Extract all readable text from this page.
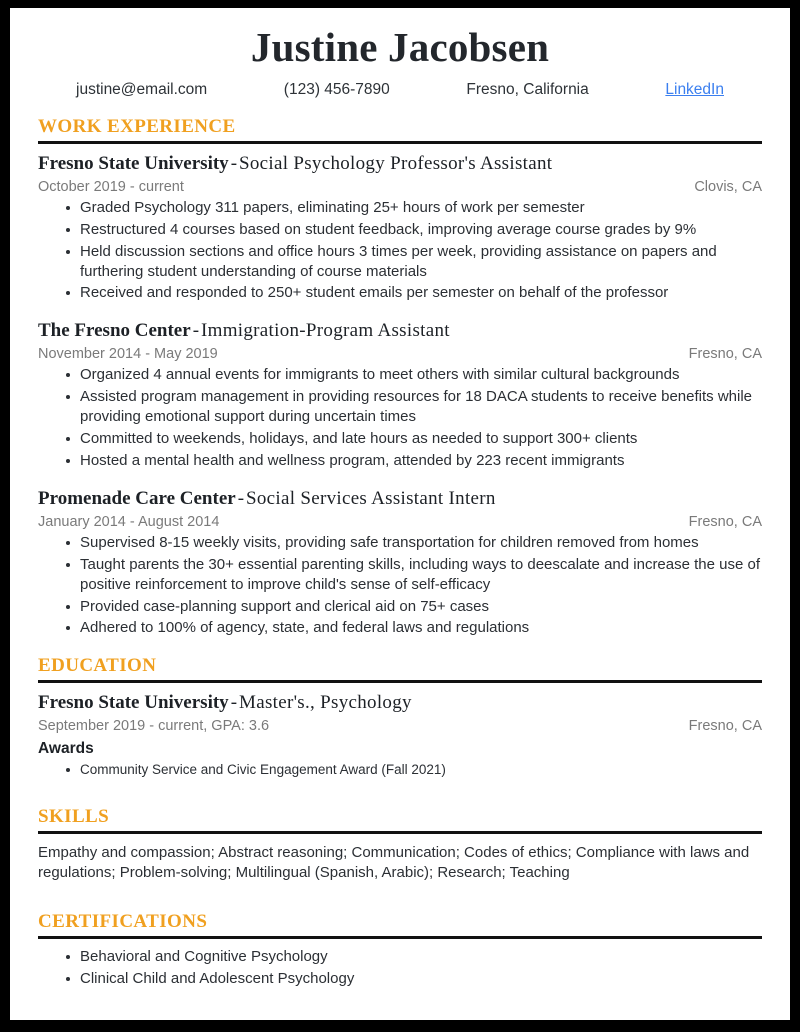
Justine Jacobsen
justine@email.com	(123) 456-7890	Fresno, California	LinkedIn
WORK EXPERIENCE
Fresno State University - Social Psychology Professor's Assistant
October 2019 - current	Clovis, CA
Graded Psychology 311 papers, eliminating 25+ hours of work per semester
Restructured 4 courses based on student feedback, improving average course grades by 9%
Held discussion sections and office hours 3 times per week, providing assistance on papers and furthering student understanding of course materials
Received and responded to 250+ student emails per semester on behalf of the professor
The Fresno Center - Immigration-Program Assistant
November 2014 - May 2019	Fresno, CA
Organized 4 annual events for immigrants to meet others with similar cultural backgrounds
Assisted program management in providing resources for 18 DACA students to receive benefits while providing emotional support during uncertain times
Committed to weekends, holidays, and late hours as needed to support 300+ clients
Hosted a mental health and wellness program, attended by 223 recent immigrants
Promenade Care Center - Social Services Assistant Intern
January 2014 - August 2014	Fresno, CA
Supervised 8-15 weekly visits, providing safe transportation for children removed from homes
Taught parents the 30+ essential parenting skills, including ways to deescalate and increase the use of positive reinforcement to improve child's sense of self-efficacy
Provided case-planning support and clerical aid on 75+ cases
Adhered to 100% of agency, state, and federal laws and regulations
EDUCATION
Fresno State University - Master's., Psychology
September 2019 - current, GPA: 3.6	Fresno, CA
Awards
Community Service and Civic Engagement Award (Fall 2021)
SKILLS
Empathy and compassion; Abstract reasoning; Communication; Codes of ethics; Compliance with laws and regulations; Problem-solving; Multilingual (Spanish, Arabic); Research; Teaching
CERTIFICATIONS
Behavioral and Cognitive Psychology
Clinical Child and Adolescent Psychology
